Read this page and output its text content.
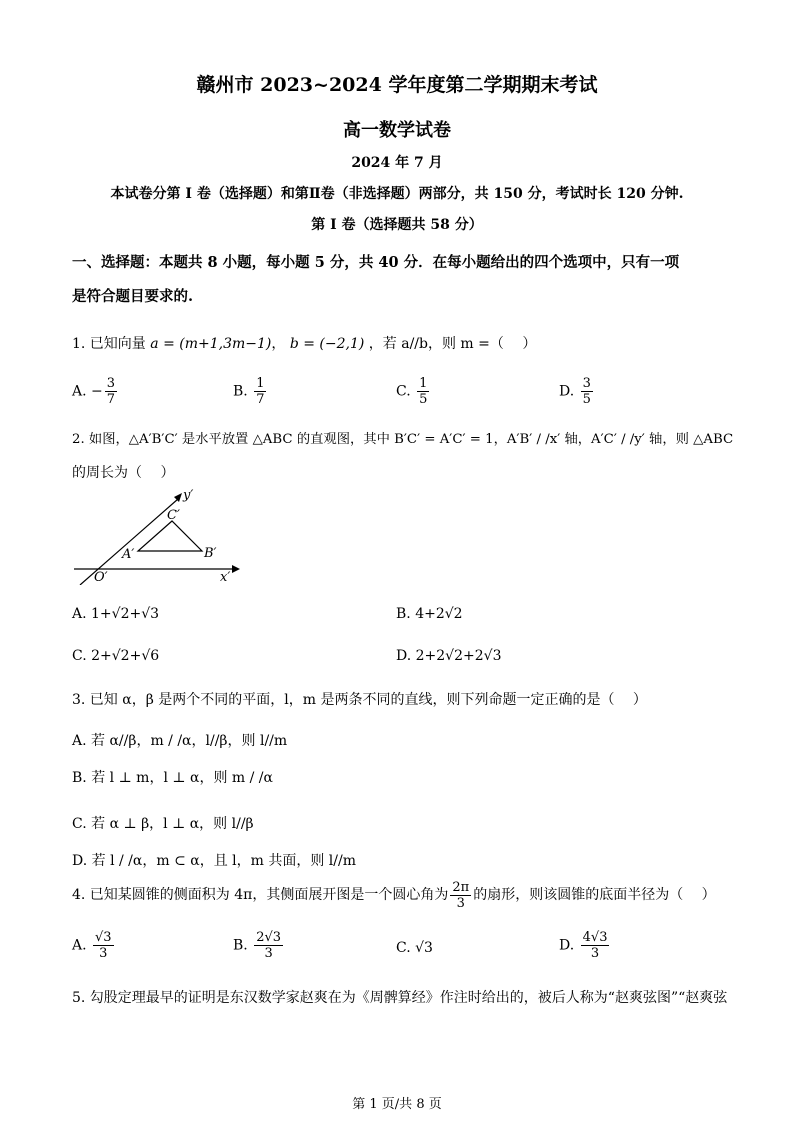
赣州市 2023~2024 学年度第二学期期末考试
高一数学试卷
2024 年 7 月
本试卷分第 I 卷（选择题）和第Ⅱ卷（非选择题）两部分，共 150 分，考试时长 120 分钟.
第 I 卷（选择题共 58 分）
一、选择题：本题共 8 小题，每小题 5 分，共 40 分．在每小题给出的四个选项中，只有一项
是符合题目要求的.
1. 已知向量 a = (m+1,3m−1)， b = (−2,1) ，若 a//b，则 m =（　 ）
A. − $\frac{3}{7}$	B. $\frac{1}{7}$	C. $\frac{1}{5}$	D. $\frac{3}{5}$
2. 如图，△A′B′C′ 是水平放置 △ABC 的直观图，其中 B′C′ = A′C′ = 1，A′B′ / /x′ 轴，A′C′ / /y′ 轴，则 △ABC
的周长为（　 ）
y′
x′
O′
A′	B′
C′
A. 1+√2+√3	B. 4+2√2
C. 2+√2+√6	D. 2+2√2+2√3
3. 已知 α，β 是两个不同的平面，l，m 是两条不同的直线，则下列命题一定正确的是（　 ）
A. 若 α//β，m / /α，l//β，则 l//m
B. 若 l ⊥ m，l ⊥ α，则 m / /α
C. 若 α ⊥ β，l ⊥ α，则 l//β
D. 若 l / /α，m ⊂ α，且 l，m 共面，则 l//m
4. 已知某圆锥的侧面积为 4π，其侧面展开图是一个圆心角为 $\frac{2\pi}{3}$ 的扇形，则该圆锥的底面半径为（　 ）
A. $\frac{√3}{3}$	B. $\frac{2√3}{3}$	C. √3	D. $\frac{4√3}{3}$
5. 勾股定理最早的证明是东汉数学家赵爽在为《周髀算经》作注时给出的，被后人称为“赵爽弦图”“赵爽弦
第 1 页/共 8 页
